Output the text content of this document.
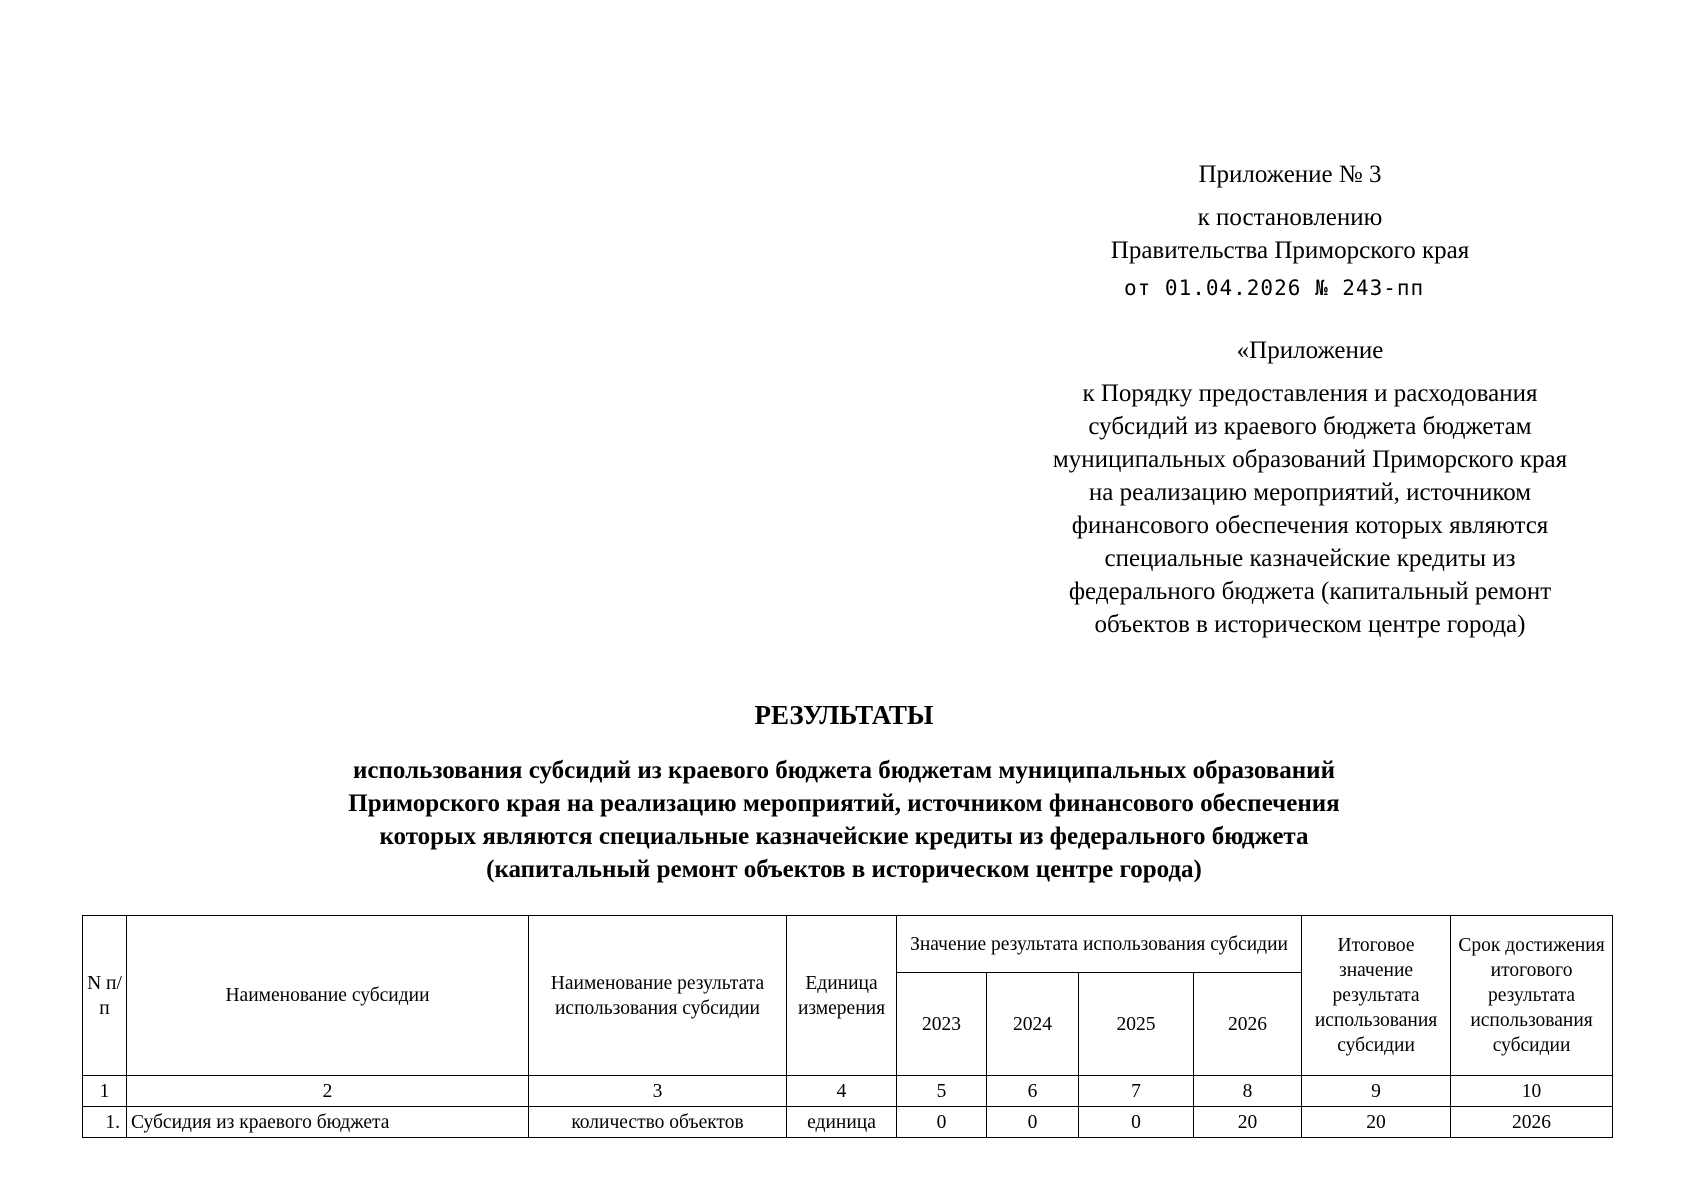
Приложение № 3
к постановлению
Правительства Приморского края
от 01.04.2026 № 243-пп
«Приложение
к Порядку предоставления и расходования
субсидий из краевого бюджета бюджетам
муниципальных образований Приморского края
на реализацию мероприятий, источником
финансового обеспечения которых являются
специальные казначейские кредиты из
федерального бюджета (капитальный ремонт
объектов в историческом центре города)
РЕЗУЛЬТАТЫ
использования субсидий из краевого бюджета бюджетам муниципальных образований
Приморского края на реализацию мероприятий, источником финансового обеспечения
которых являются специальные казначейские кредиты из федерального бюджета
(капитальный ремонт объектов в историческом центре города)
N п/п	Наименование субсидии	Наименование результата использования субсидии	Единица измерения	Значение результата использования субсидии				Итоговое значение результата использования субсидии	Срок достижения итогового результата использования субсидии
				2023	2024	2025	2026		
1	2	3	4	5	6	7	8	9	10
1.	Субсидия из краевого бюджета	количество объектов	единица	0	0	0	20	20	2026
